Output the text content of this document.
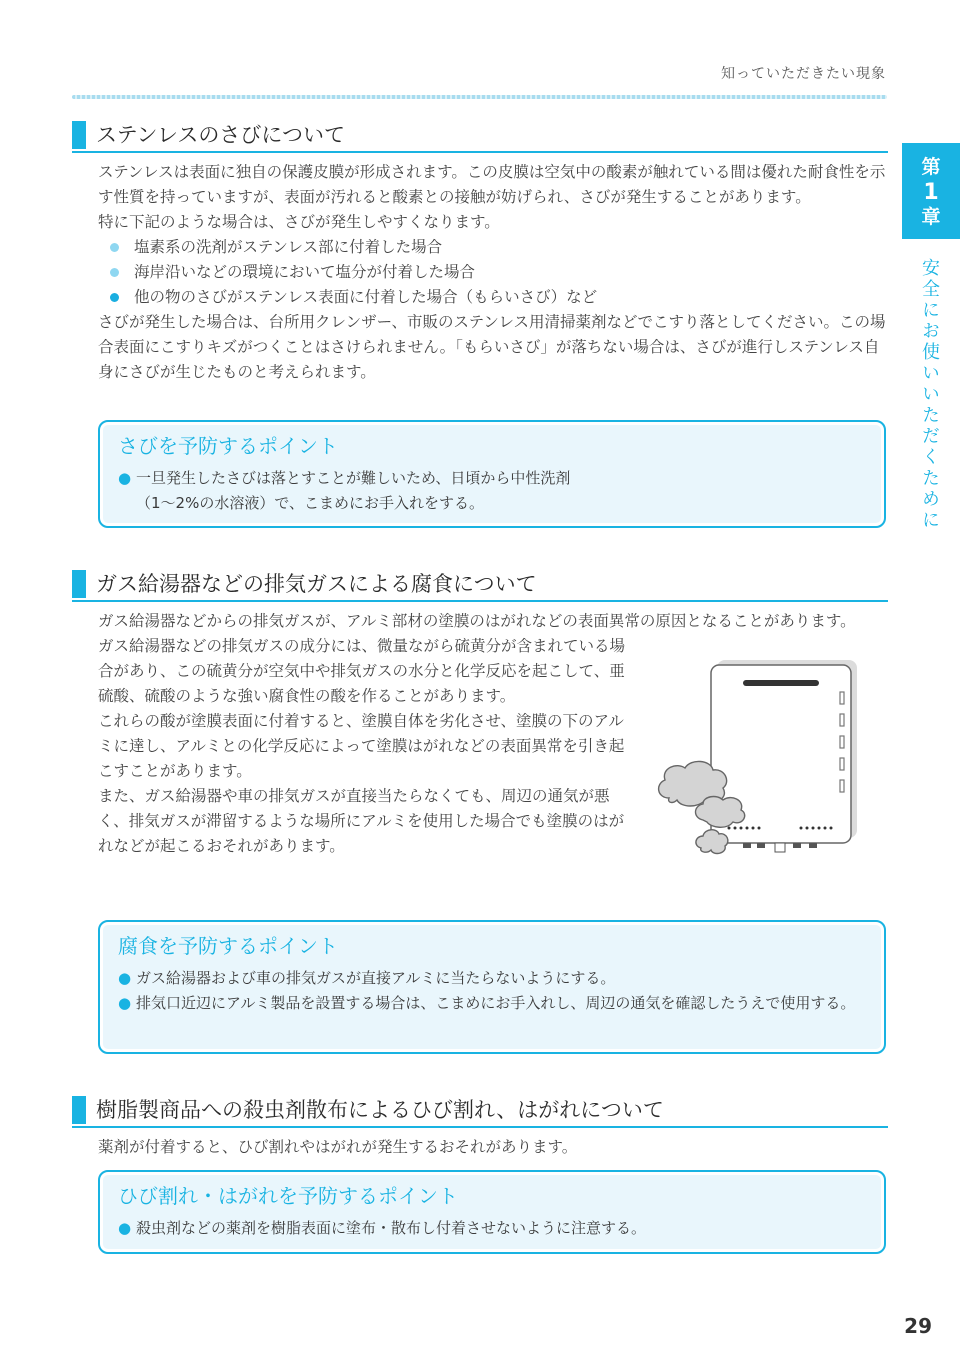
知っていただきたい現象
第
1
章
安全にお使いいただくために
ステンレスのさびについて

ステンレスは表面に独自の保護皮膜が形成されます。この皮膜は空気中の酸素が触れている間は優れた耐食性を示す性質を持っていますが、表面が汚れると酸素との接触が妨げられ、さびが発生することがあります。

特に下記のような場合は、さびが発生しやすくなります。

塩素系の洗剤がステンレス部に付着した場合
海岸沿いなどの環境において塩分が付着した場合
他の物のさびがステンレス表面に付着した場合（もらいさび）など

さびが発生した場合は、台所用クレンザー、市販のステンレス用清掃薬剤などでこすり落としてください。この場合表面にこすりキズがつくことはさけられません。「もらいさび」が落ちない場合は、さびが進行しステンレス自身にさびが生じたものと考えられます。

さびを予防するポイント
● 一旦発生したさびは落とすことが難しいため、日頃から中性洗剤
（1～2%の水溶液）で、こまめにお手入れをする。
ガス給湯器などの排気ガスによる腐食について

ガス給湯器などからの排気ガスが、アルミ部材の塗膜のはがれなどの表面異常の原因となることがあります。

ガス給湯器などの排気ガスの成分には、微量ながら硫黄分が含まれている場合があり、この硫黄分が空気中や排気ガスの水分と化学反応を起こして、亜硫酸、硫酸のような強い腐食性の酸を作ることがあります。

これらの酸が塗膜表面に付着すると、塗膜自体を劣化させ、塗膜の下のアルミに達し、アルミとの化学反応によって塗膜はがれなどの表面異常を引き起こすことがあります。

また、ガス給湯器や車の排気ガスが直接当たらなくても、周辺の通気が悪く、排気ガスが滞留するような場所にアルミを使用した場合でも塗膜のはがれなどが起こるおそれがあります。

腐食を予防するポイント
● ガス給湯器および車の排気ガスが直接アルミに当たらないようにする。
● 排気口近辺にアルミ製品を設置する場合は、こまめにお手入れし、周辺の通気を確認したうえで使用する。
樹脂製商品への殺虫剤散布によるひび割れ、はがれについて

薬剤が付着すると、ひび割れやはがれが発生するおそれがあります。

ひび割れ・はがれを予防するポイント
● 殺虫剤などの薬剤を樹脂表面に塗布・散布し付着させないように注意する。
29
